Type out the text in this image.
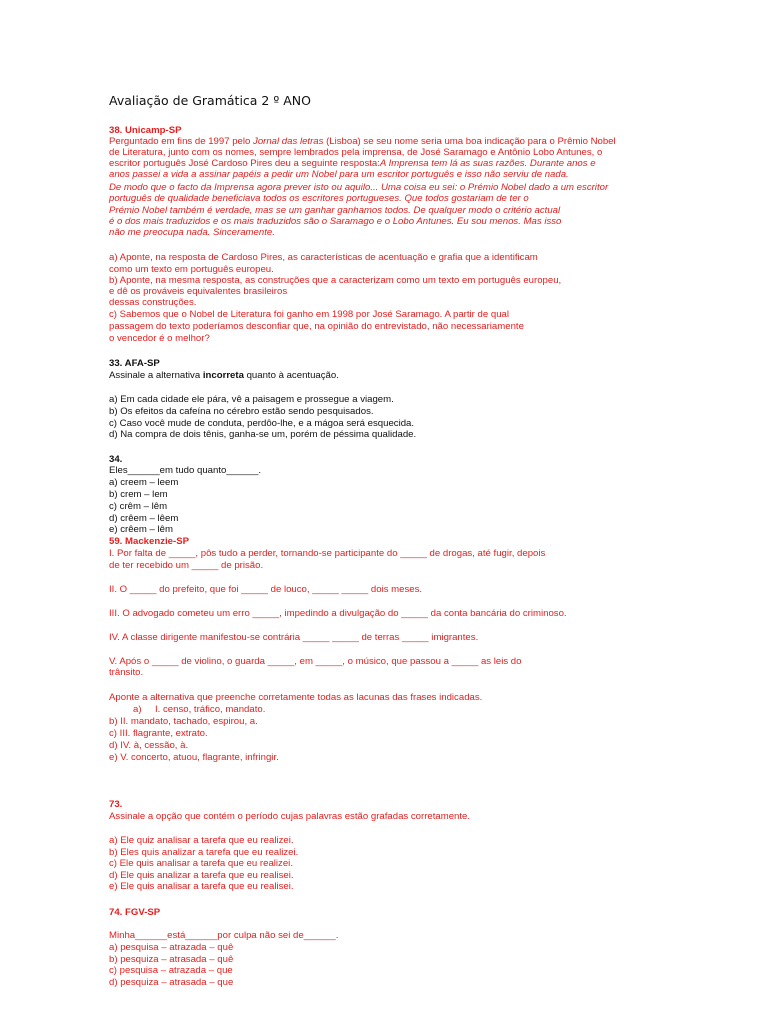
Avaliação de Gramática 2 º ANO

38. Unicamp-SP

Perguntado em fins de 1997 pelo Jornal das letras (Lisboa) se seu nome seria uma boa indicação para o Prêmio Nobel

de Literatura, junto com os nomes, sempre lembrados pela imprensa, de José Saramago e Antônio Lobo Antunes, o

escritor português José Cardoso Pires deu a seguinte resposta:A Imprensa tem lá as suas razões. Durante anos e

anos passei a vida a assinar papéis a pedir um Nobel para um escritor português e isso não serviu de nada.

De modo que o facto da Imprensa agora prever isto ou aquilo... Uma coisa eu sei: o Prémio Nobel dado a um escritor

português de qualidade beneficiava todos os escritores portugueses. Que todos gostariam de ter o

Prémio Nobel também é verdade, mas se um ganhar ganhamos todos. De qualquer modo o critério actual

é o dos mais traduzidos e os mais traduzidos são o Saramago e o Lobo Antunes. Eu sou menos. Mas isso

não me preocupa nada. Sinceramente.

a) Aponte, na resposta de Cardoso Pires, as características de acentuação e grafia que a identificam

como um texto em português europeu.

b) Aponte, na mesma resposta, as construções que a caracterizam como um texto em português europeu,

e dê os prováveis equivalentes brasileiros

dessas construções.

c) Sabemos que o Nobel de Literatura foi ganho em 1998 por José Saramago. A partir de qual

passagem do texto poderíamos desconfiar que, na opinião do entrevistado, não necessariamente

o vencedor é o melhor?

33. AFA-SP

Assinale a alternativa incorreta quanto à acentuação.

a) Em cada cidade ele pára, vê a paisagem e prossegue a viagem.

b) Os efeitos da cafeína no cérebro estão sendo pesquisados.

c) Caso você mude de conduta, perdôo-lhe, e a mágoa será esquecida.

d) Na compra de dois tênis, ganha-se um, porém de péssima qualidade.

34.

Eles______em tudo quanto______.

a) creem – leem

b) crem – lem

c) crêm – lêm

d) crêem – lêem

e) crêem – lêm

59. Mackenzie-SP

I. Por falta de _____, pôs tudo a perder, tornando-se participante do _____ de drogas, até fugir, depois

de ter recebido um _____ de prisão.

II. O _____ do prefeito, que foi _____ de louco, _____ _____ dois meses.

III. O advogado cometeu um erro _____, impedindo a divulgação do _____ da conta bancária do criminoso.

IV. A classe dirigente manifestou-se contrária _____ _____ de terras _____ imigrantes.

V. Após o _____ de violino, o guarda _____, em _____, o músico, que passou a _____ as leis do

trânsito.

Aponte a alternativa que preenche corretamente todas as lacunas das frases indicadas.

a) I. censo, tráfico, mandato.

b) II. mandato, tachado, espirou, a.

c) III. flagrante, extrato.

d) IV. à, cessão, à.

e) V. concerto, atuou, flagrante, infringir.

73.

Assinale a opção que contém o período cujas palavras estão grafadas corretamente.

a) Ele quiz analisar a tarefa que eu realizei.

b) Eles quis analizar a tarefa que eu realizei.

c) Ele quis analisar a tarefa que eu realizei.

d) Ele quis analizar a tarefa que eu realisei.

e) Ele quis analisar a tarefa que eu realisei.

74. FGV-SP

Minha______está______por culpa não sei de______.

a) pesquisa – atrazada – quê

b) pesquiza – atrasada – quê

c) pesquisa – atrazada – que

d) pesquiza – atrasada – que
